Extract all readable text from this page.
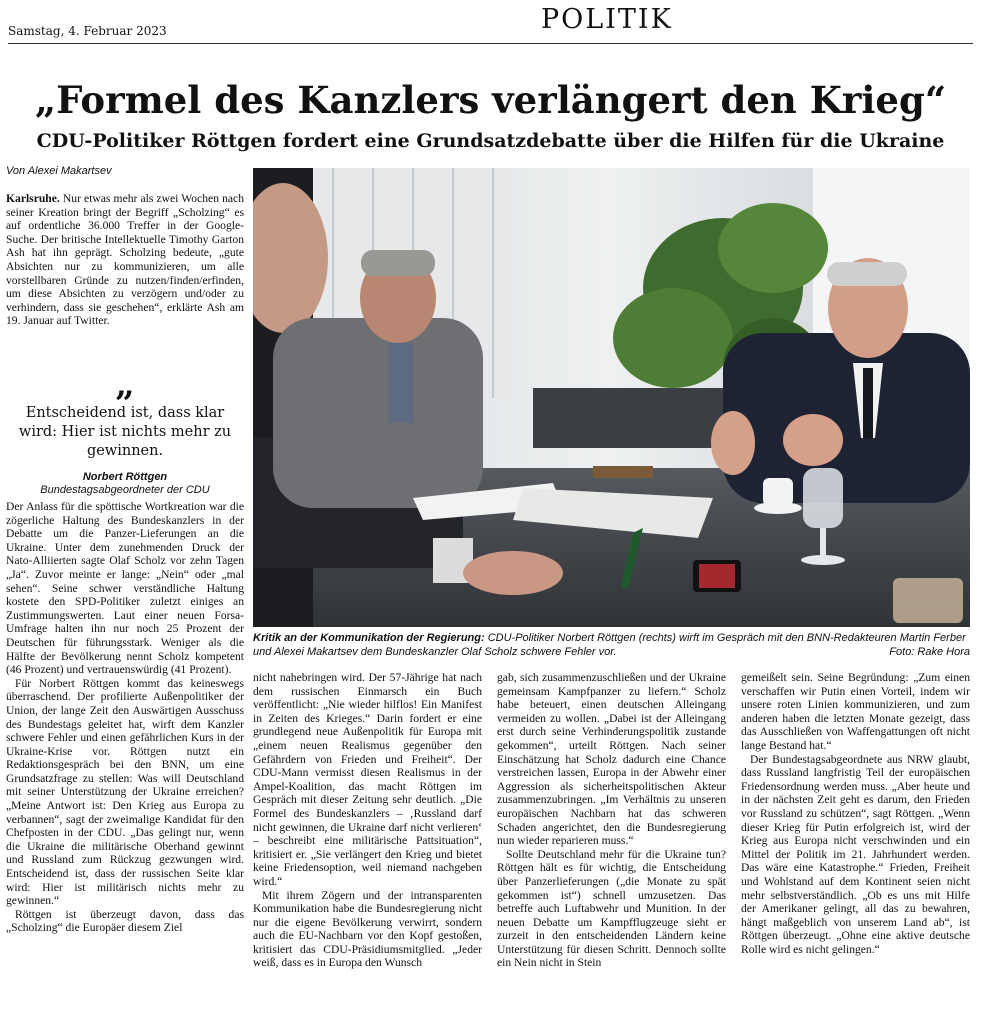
Samstag, 4. Februar 2023	POLITIK
„Formel des Kanzlers verlängert den Krieg“
CDU-Politiker Röttgen fordert eine Grundsatzdebatte über die Hilfen für die Ukraine
Von Alexei Makartsev

Karlsruhe. Nur etwas mehr als zwei Wochen nach seiner Kreation bringt der Begriff „Scholzing“ es auf ordentliche 36.000 Treffer in der Google-Suche. Der britische Intellektuelle Timothy Garton Ash hat ihn geprägt. Scholzing bedeute, „gute Absichten nur zu kommunizieren, um alle vorstellbaren Gründe zu nutzen/finden/erfinden, um diese Absichten zu verzögern und/oder zu verhindern, dass sie geschehen“, erklärte Ash am 19. Januar auf Twitter.

„
Entscheidend ist, dass klar wird: Hier ist nichts mehr zu gewinnen.
Norbert Röttgen
Bundestagsabgeordneter der CDU
Kritik an der Kommunikation der Regierung: CDU-Politiker Norbert Röttgen (rechts) wirft im Gespräch mit den BNN-Redakteuren Martin Ferber und Alexei Makartsev dem Bundeskanzler Olaf Scholz schwere Fehler vor.	Foto: Rake Hora

Der Anlass für die spöttische Wortkreation war die zögerliche Haltung des Bundeskanzlers in der Debatte um die Panzer-Lieferungen an die Ukraine. Unter dem zunehmenden Druck der Nato-Alliierten sagte Olaf Scholz vor zehn Tagen „Ja“. Zuvor meinte er lange: „Nein“ oder „mal sehen“. Seine schwer verständliche Haltung kostete den SPD-Politiker zuletzt einiges an Zustimmungswerten. Laut einer neuen Forsa-Umfrage halten ihn nur noch 25 Prozent der Deutschen für führungsstark. Weniger als die Hälfte der Bevölkerung nennt Scholz kompetent (46 Prozent) und vertrauenswürdig (41 Prozent).

Für Norbert Röttgen kommt das keineswegs überraschend. Der profilierte Außenpolitiker der Union, der lange Zeit den Auswärtigen Ausschuss des Bundestags geleitet hat, wirft dem Kanzler schwere Fehler und einen gefährlichen Kurs in der Ukraine-Krise vor. Röttgen nutzt ein Redaktionsgespräch bei den BNN, um eine Grundsatzfrage zu stellen: Was will Deutschland mit seiner Unterstützung der Ukraine erreichen? „Meine Antwort ist: Den Krieg aus Europa zu verbannen“, sagt der zweimalige Kandidat für den Chefposten in der CDU. „Das gelingt nur, wenn die Ukraine die militärische Oberhand gewinnt und Russland zum Rückzug gezwungen wird. Entscheidend ist, dass der russischen Seite klar wird: Hier ist militärisch nichts mehr zu gewinnen.“

Röttgen ist überzeugt davon, dass das „Scholzing“ die Europäer diesem Ziel

nicht nahebringen wird. Der 57-Jährige hat nach dem russischen Einmarsch ein Buch veröffentlicht: „Nie wieder hilflos! Ein Manifest in Zeiten des Krieges.“ Darin fordert er eine grundlegend neue Außenpolitik für Europa mit „einem neuen Realismus gegenüber den Gefährdern von Frieden und Freiheit“. Der CDU-Mann vermisst diesen Realismus in der Ampel-Koalition, das macht Röttgen im Gespräch mit dieser Zeitung sehr deutlich. „Die Formel des Bundeskanzlers – ‚Russland darf nicht gewinnen, die Ukraine darf nicht verlieren‘ – beschreibt eine militärische Pattsituation“, kritisiert er. „Sie verlängert den Krieg und bietet keine Friedensoption, weil niemand nachgeben wird.“

Mit ihrem Zögern und der intransparenten Kommunikation habe die Bundesregierung nicht nur die eigene Bevölkerung verwirrt, sondern auch die EU-Nachbarn vor den Kopf gestoßen, kritisiert das CDU-Präsidiumsmitglied. „Jeder weiß, dass es in Europa den Wunsch

gab, sich zusammenzuschließen und der Ukraine gemeinsam Kampfpanzer zu liefern.“ Scholz habe beteuert, einen deutschen Alleingang vermeiden zu wollen. „Dabei ist der Alleingang erst durch seine Verhinderungspolitik zustande gekommen“, urteilt Röttgen. Nach seiner Einschätzung hat Scholz dadurch eine Chance verstreichen lassen, Europa in der Abwehr einer Aggression als sicherheitspolitischen Akteur zusammenzubringen. „Im Verhältnis zu unseren europäischen Nachbarn hat das schweren Schaden angerichtet, den die Bundesregierung nun wieder reparieren muss.“

Sollte Deutschland mehr für die Ukraine tun? Röttgen hält es für wichtig, die Entscheidung über Panzerlieferungen („die Monate zu spät gekommen ist“) schnell umzusetzen. Das betreffe auch Luftabwehr und Munition. In der neuen Debatte um Kampfflugzeuge sieht er zurzeit in den entscheidenden Ländern keine Unterstützung für diesen Schritt. Dennoch sollte ein Nein nicht in Stein

gemeißelt sein. Seine Begründung: „Zum einen verschaffen wir Putin einen Vorteil, indem wir unsere roten Linien kommunizieren, und zum anderen haben die letzten Monate gezeigt, dass das Ausschließen von Waffengattungen oft nicht lange Bestand hat.“

Der Bundestagsabgeordnete aus NRW glaubt, dass Russland langfristig Teil der europäischen Friedensordnung werden muss. „Aber heute und in der nächsten Zeit geht es darum, den Frieden vor Russland zu schützen“, sagt Röttgen. „Wenn dieser Krieg für Putin erfolgreich ist, wird der Krieg aus Europa nicht verschwinden und ein Mittel der Politik im 21. Jahrhundert werden. Das wäre eine Katastrophe.“ Frieden, Freiheit und Wohlstand auf dem Kontinent seien nicht mehr selbstverständlich. „Ob es uns mit Hilfe der Amerikaner gelingt, all das zu bewahren, hängt maßgeblich von unserem Land ab“, ist Röttgen überzeugt. „Ohne eine aktive deutsche Rolle wird es nicht gelingen.“
